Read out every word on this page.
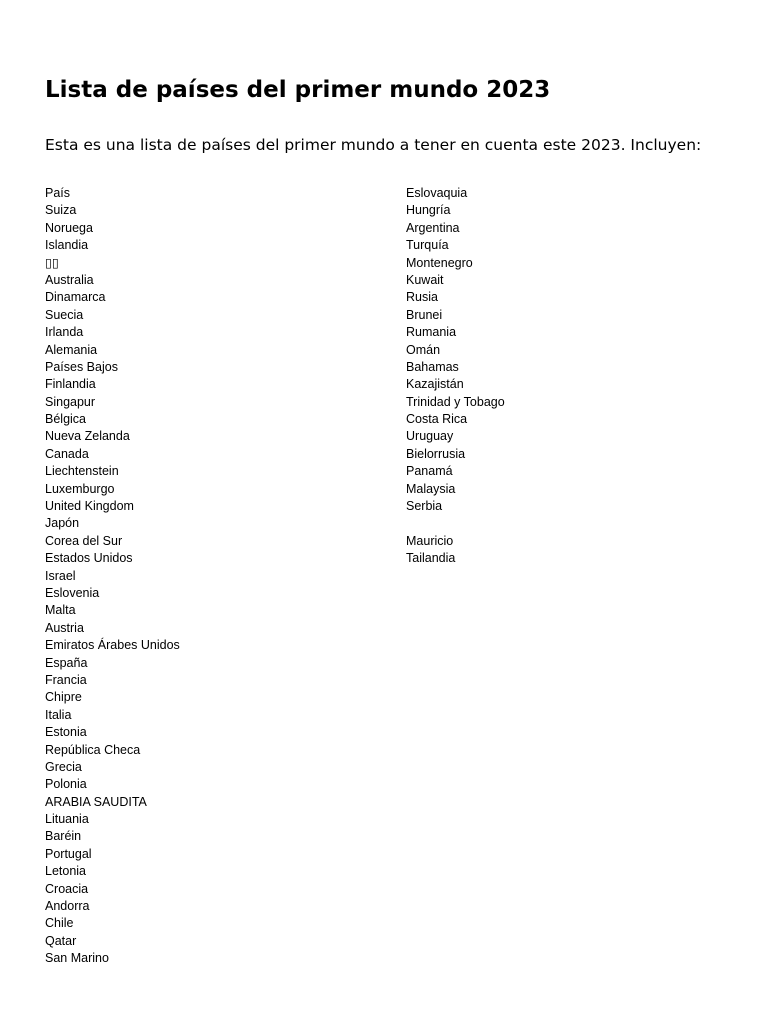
Lista de países del primer mundo 2023

Esta es una lista de países del primer mundo a tener en cuenta este 2023. Incluyen:

País
Suiza
Noruega
Islandia
▯▯
Australia
Dinamarca
Suecia
Irlanda
Alemania
Países Bajos
Finlandia
Singapur
Bélgica
Nueva Zelanda
Canada
Liechtenstein
Luxemburgo
United Kingdom
Japón
Corea del Sur
Estados Unidos
Israel
Eslovenia
Malta
Austria
Emiratos Árabes Unidos
España
Francia
Chipre
Italia
Estonia
República Checa
Grecia
Polonia
ARABIA SAUDITA
Lituania
Baréin
Portugal
Letonia
Croacia
Andorra
Chile
Qatar
San Marino
Eslovaquia
Hungría
Argentina
Turquía
Montenegro
Kuwait
Rusia
Brunei
Rumania
Omán
Bahamas
Kazajistán
Trinidad y Tobago
Costa Rica
Uruguay
Bielorrusia
Panamá
Malaysia
Serbia
Mauricio
Tailandia
